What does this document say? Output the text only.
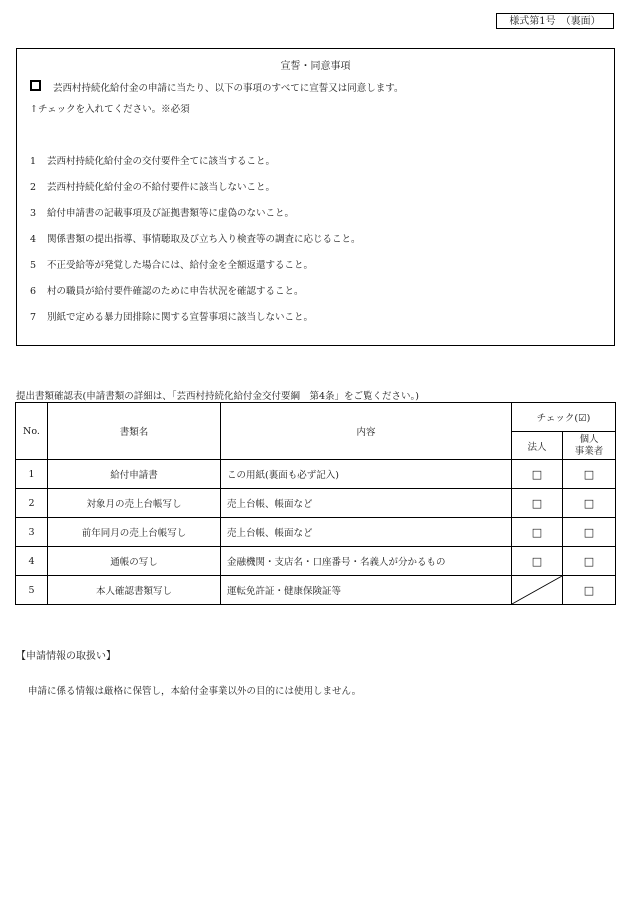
様式第1号　（裏面）
宣誓・同意事項
芸西村持続化給付金の申請に当たり、以下の事項のすべてに宣誓又は同意します。
↑チェックを入れてください。※必須
1 芸西村持続化給付金の交付要件全てに該当すること。
2 芸西村持続化給付金の不給付要件に該当しないこと。
3 給付申請書の記載事項及び証拠書類等に虚偽のないこと。
4 関係書類の提出指導、事情聴取及び立ち入り検査等の調査に応じること。
5 不正受給等が発覚した場合には、給付金を全額返還すること。
6 村の職員が給付要件確認のために申告状況を確認すること。
7 別紙で定める暴力団排除に関する宣誓事項に該当しないこと。
提出書類確認表(申請書類の詳細は、「芸西村持続化給付金交付要綱　第4条」をご覧ください。)
No.	書類名	内容	チェック(☑)	
			法人	個人
事業者
1	給付申請書	この用紙(裏面も必ず記入)	□	□
2	対象月の売上台帳写し	売上台帳、帳面など	□	□
3	前年同月の売上台帳写し	売上台帳、帳面など	□	□
4	通帳の写し	金融機関・支店名・口座番号・名義人が分かるもの	□	□
5	本人確認書類写し	運転免許証・健康保険証等		□
【申請情報の取扱い】
申請に係る情報は厳格に保管し，本給付金事業以外の目的には使用しません。
